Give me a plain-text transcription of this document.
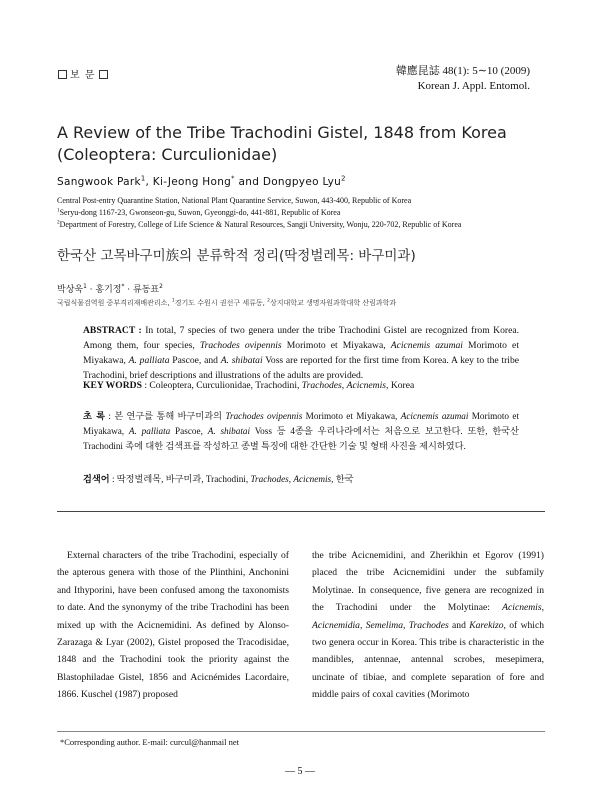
보 문	韓應昆誌 48(1): 5∼10 (2009)
Korean J. Appl. Entomol.
A Review of the Tribe Trachodini Gistel, 1848 from Korea (Coleoptera: Curculionidae)
Sangwook Park$^1$, Ki-Jeong Hong* and Dongpyeo Lyu$^2$
Central Post-entry Quarantine Station, National Plant Quarantine Service, Suwon, 443-400, Republic of Korea
$^1$Seryu-dong 1167-23, Gwonseon-gu, Suwon, Gyeonggi-do, 441-881, Republic of Korea
$^2$Department of Forestry, College of Life Science & Natural Resources, Sangji University, Wonju, 220-702, Republic of Korea
한국산 고목바구미族의 분류학적 정리(딱정벌레목: 바구미과)
박상욱$^1$ · 홍기정* · 류동표$^2$
국립식물검역원 중부격리재배관리소, $^1$경기도 수원시 권선구 세류동, $^2$상지대학교 생명자원과학대학 산림과학과
ABSTRACT : In total, 7 species of two genera under the tribe Trachodini Gistel are recognized from Korea. Among them, four species, Trachodes ovipennis Morimoto et Miyakawa, Acicnemis azumai Morimoto et Miyakawa, A. palliata Pascoe, and A. shibatai Voss are reported for the first time from Korea. A key to the tribe Trachodini, brief descriptions and illustrations of the adults are provided.
KEY WORDS : Coleoptera, Curculionidae, Trachodini, Trachodes, Acicnemis, Korea
초 록 : 본 연구를 통해 바구미과의 Trachodes ovipennis Morimoto et Miyakawa, Acicnemis azumai Morimoto et Miyakawa, A. palliata Pascoe, A. shibatai Voss 등 4종을 우리나라에서는 처음으로 보고한다. 또한, 한국산 Trachodini 족에 대한 검색표를 작성하고 종별 특징에 대한 간단한 기술 및 형태 사진을 제시하였다.
검색어 : 딱정벌레목, 바구미과, Trachodini, Trachodes, Acicnemis, 한국

External characters of the tribe Trachodini, especially of the apterous genera with those of the Plinthini, Anchonini and Ithyporini, have been confused among the taxonomists to date. And the synonymy of the tribe Trachodini has been mixed up with the Acicnemidini. As defined by Alonso-Zarazaga & Lyar (2002), Gistel proposed the Tracodisidae, 1848 and the Trachodini took the priority against the Blastophiladae Gistel, 1856 and Acicnémides Lacordaire, 1866. Kuschel (1987) proposed

the tribe Acicnemidini, and Zherikhin et Egorov (1991) placed the tribe Acicnemidini under the subfamily Molytinae. In consequence, five genera are recognized in the Trachodini under the Molytinae: Acicnemis, Acicnemidia, Semelima, Trachodes and Karekizo, of which two genera occur in Korea. This tribe is characteristic in the mandibles, antennae, antennal scrobes, mesepimera, uncinate of tibiae, and complete separation of fore and middle pairs of coxal cavities (Morimoto

*Corresponding author. E-mail: curcul@hanmail net
— 5 —
